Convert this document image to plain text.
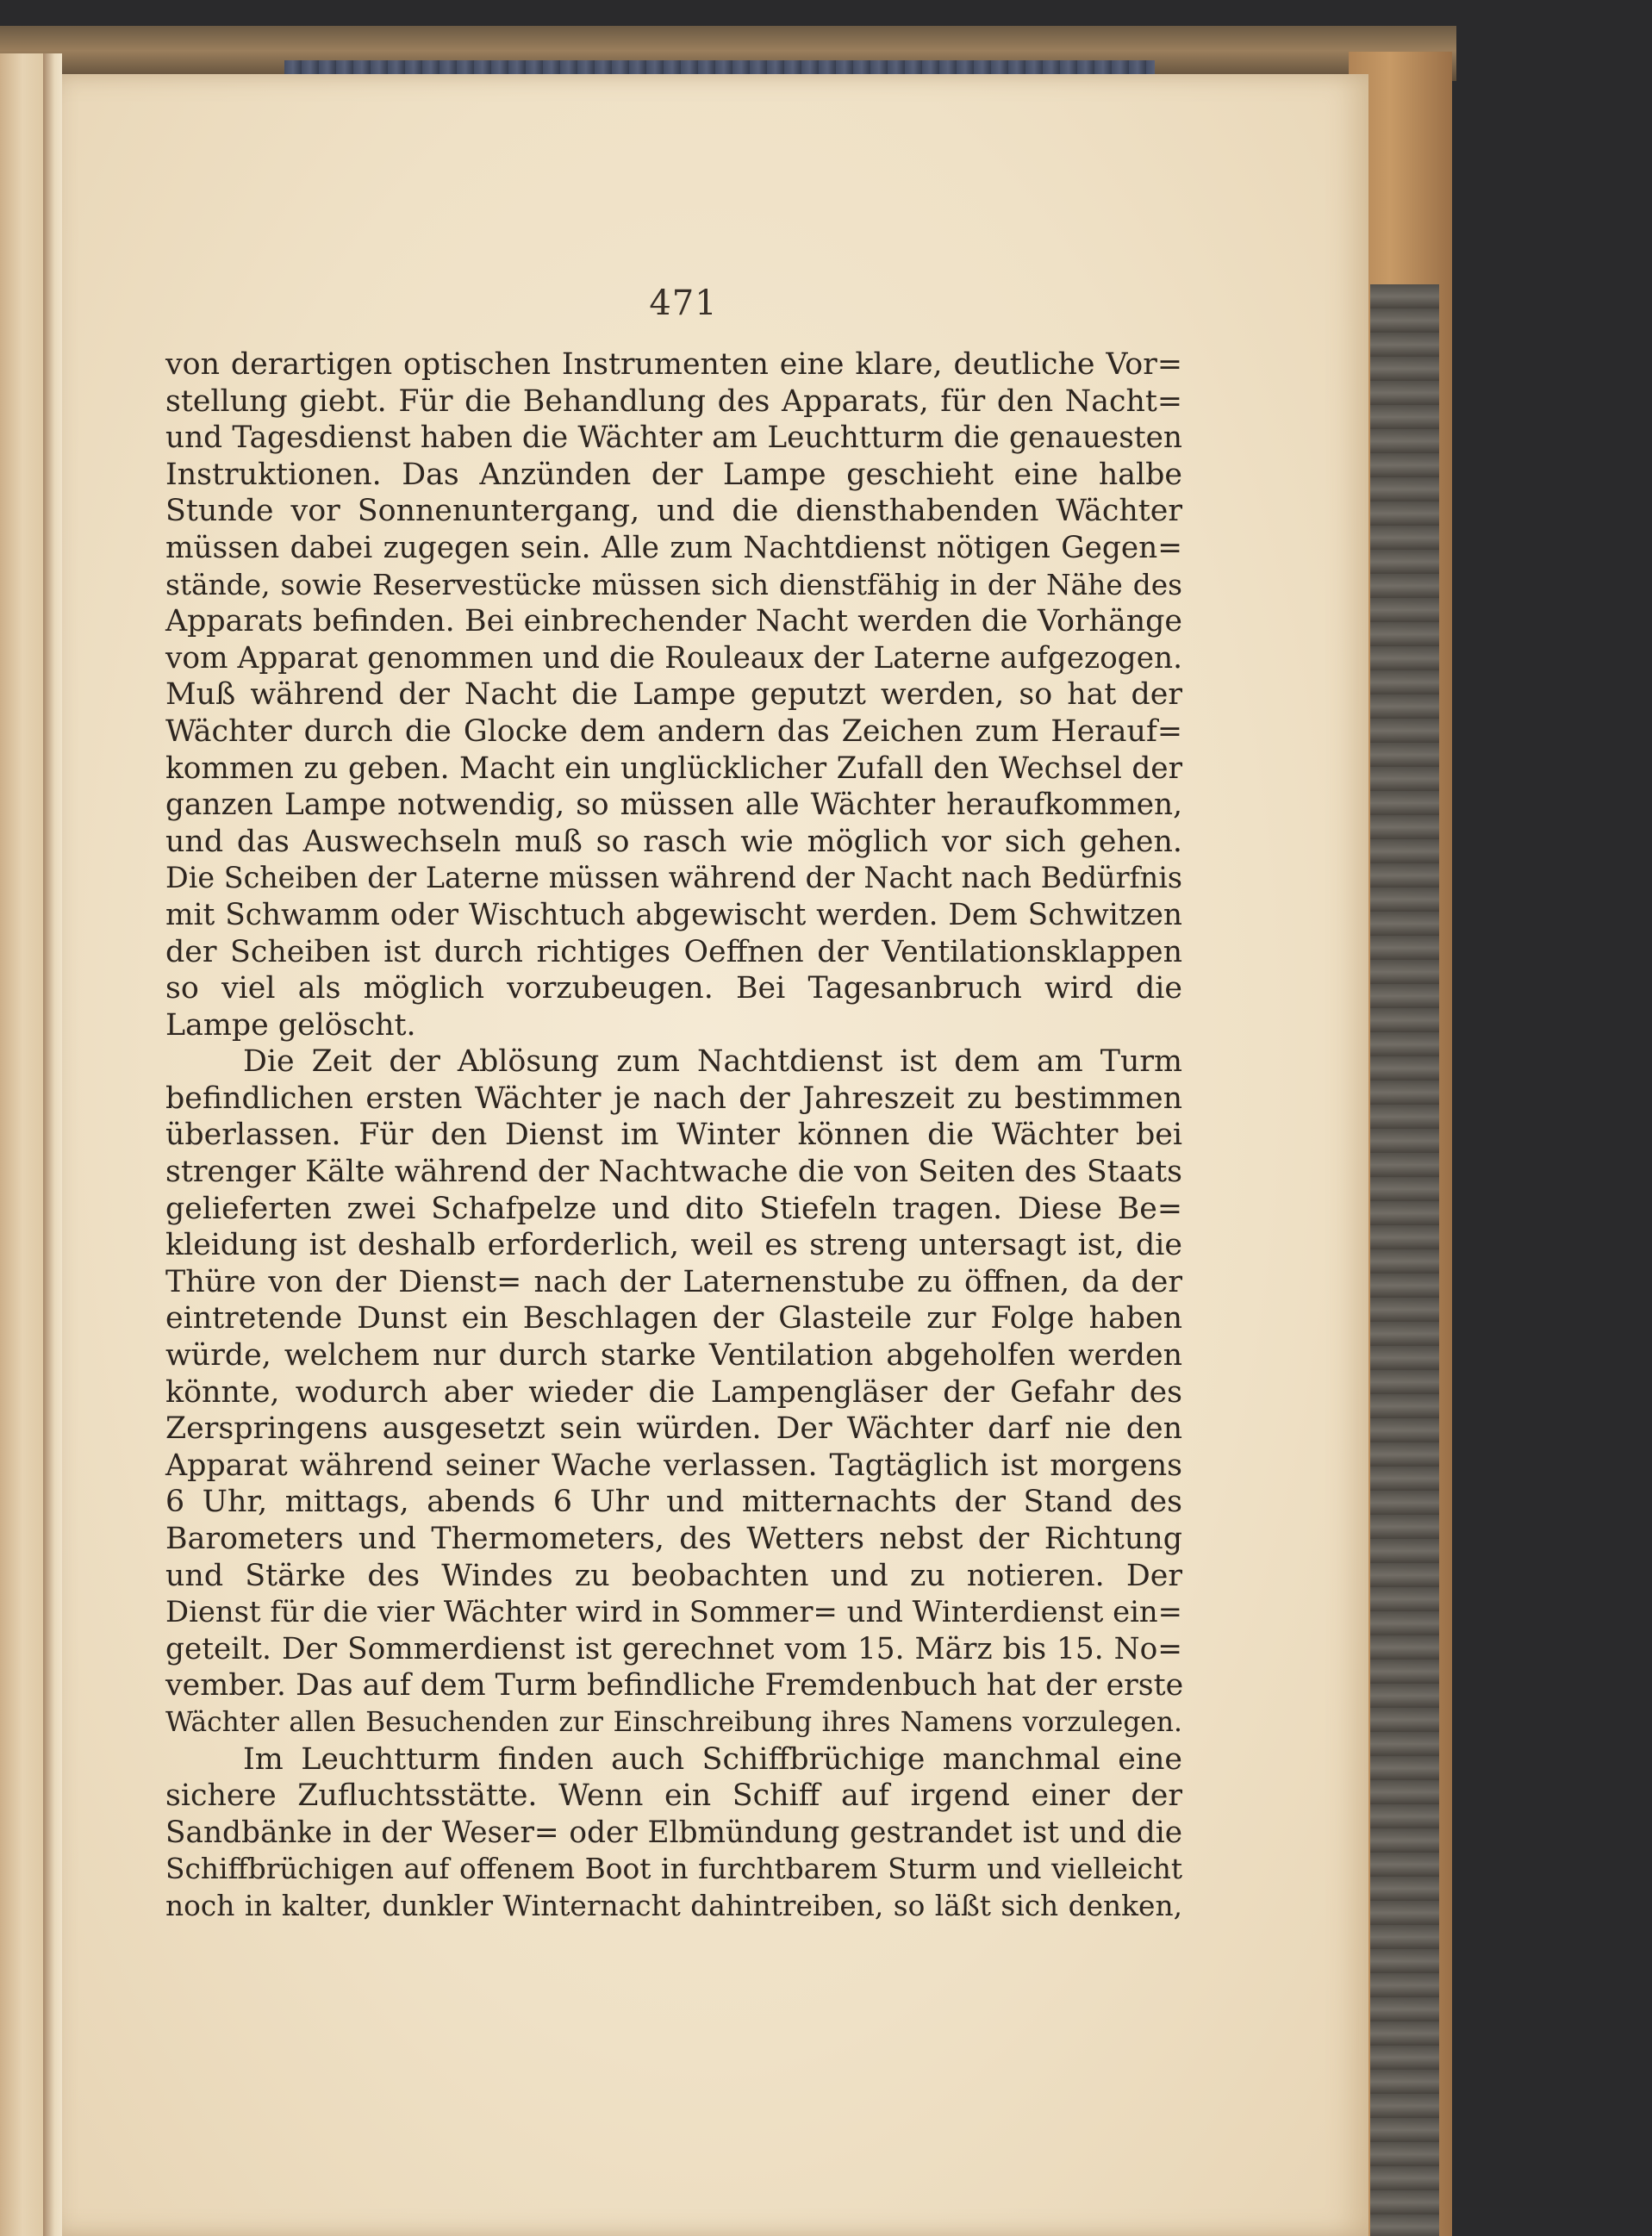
471

von derartigen optischen Instrumenten eine klare, deutliche Vor=
stellung giebt. Für die Behandlung des Apparats, für den Nacht=
und Tagesdienst haben die Wächter am Leuchtturm die genauesten
Instruktionen. Das Anzünden der Lampe geschieht eine halbe
Stunde vor Sonnenuntergang, und die diensthabenden Wächter
müssen dabei zugegen sein. Alle zum Nachtdienst nötigen Gegen=
stände, sowie Reservestücke müssen sich dienstfähig in der Nähe des
Apparats befinden. Bei einbrechender Nacht werden die Vorhänge
vom Apparat genommen und die Rouleaux der Laterne aufgezogen.
Muß während der Nacht die Lampe geputzt werden, so hat der
Wächter durch die Glocke dem andern das Zeichen zum Herauf=
kommen zu geben. Macht ein unglücklicher Zufall den Wechsel der
ganzen Lampe notwendig, so müssen alle Wächter heraufkommen,
und das Auswechseln muß so rasch wie möglich vor sich gehen.
Die Scheiben der Laterne müssen während der Nacht nach Bedürfnis
mit Schwamm oder Wischtuch abgewischt werden. Dem Schwitzen
der Scheiben ist durch richtiges Oeffnen der Ventilationsklappen
so viel als möglich vorzubeugen. Bei Tagesanbruch wird die
Lampe gelöscht.
Die Zeit der Ablösung zum Nachtdienst ist dem am Turm
befindlichen ersten Wächter je nach der Jahreszeit zu bestimmen
überlassen. Für den Dienst im Winter können die Wächter bei
strenger Kälte während der Nachtwache die von Seiten des Staats
gelieferten zwei Schafpelze und dito Stiefeln tragen. Diese Be=
kleidung ist deshalb erforderlich, weil es streng untersagt ist, die
Thüre von der Dienst= nach der Laternenstube zu öffnen, da der
eintretende Dunst ein Beschlagen der Glasteile zur Folge haben
würde, welchem nur durch starke Ventilation abgeholfen werden
könnte, wodurch aber wieder die Lampengläser der Gefahr des
Zerspringens ausgesetzt sein würden. Der Wächter darf nie den
Apparat während seiner Wache verlassen. Tagtäglich ist morgens
6 Uhr, mittags, abends 6 Uhr und mitternachts der Stand des
Barometers und Thermometers, des Wetters nebst der Richtung
und Stärke des Windes zu beobachten und zu notieren. Der
Dienst für die vier Wächter wird in Sommer= und Winterdienst ein=
geteilt. Der Sommerdienst ist gerechnet vom 15. März bis 15. No=
vember. Das auf dem Turm befindliche Fremdenbuch hat der erste
Wächter allen Besuchenden zur Einschreibung ihres Namens vorzulegen.
Im Leuchtturm finden auch Schiffbrüchige manchmal eine
sichere Zufluchtsstätte. Wenn ein Schiff auf irgend einer der
Sandbänke in der Weser= oder Elbmündung gestrandet ist und die
Schiffbrüchigen auf offenem Boot in furchtbarem Sturm und vielleicht
noch in kalter, dunkler Winternacht dahintreiben, so läßt sich denken,
